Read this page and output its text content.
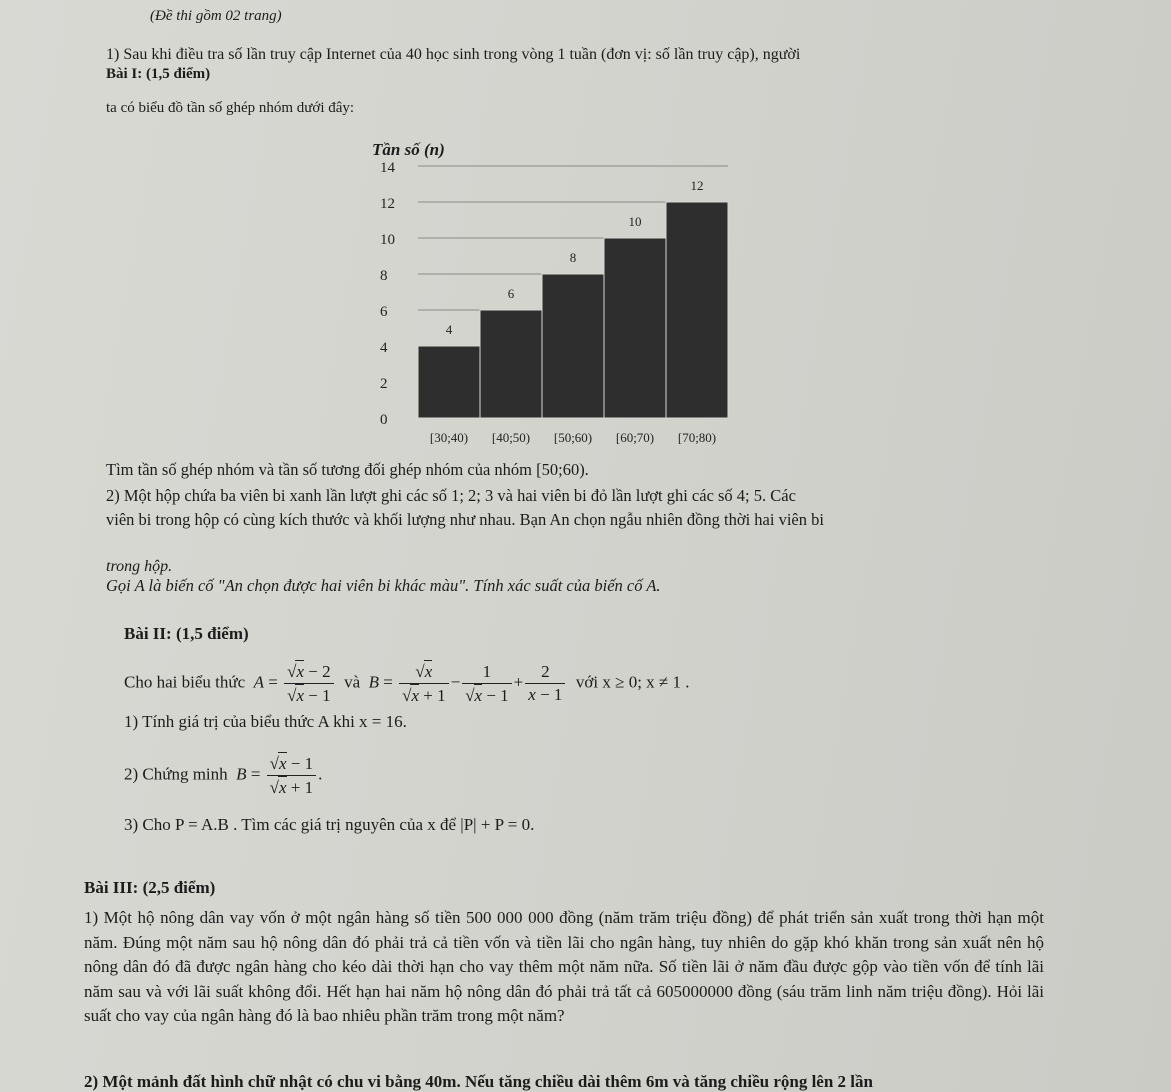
(Đề thi gồm 02 trang)
1) Sau khi điều tra số lần truy cập Internet của 40 học sinh trong vòng 1 tuần (đơn vị: số lần truy cập), người
Bài I: (1,5 điểm)
ta có biểu đồ tần số ghép nhóm dưới đây:
Tần số (n)
0
2
4
6
8
10
12
14
4
[30;40)
6
[40;50)
8
[50;60)
10
[60;70)
12
[70;80)
Tìm tần số ghép nhóm và tần số tương đối ghép nhóm của nhóm [50;60).
2) Một hộp chứa ba viên bi xanh lần lượt ghi các số 1; 2; 3 và hai viên bi đỏ lần lượt ghi các số 4; 5. Các
viên bi trong hộp có cùng kích thước và khối lượng như nhau. Bạn An chọn ngẫu nhiên đồng thời hai viên bi
trong hộp.
Gọi A là biến cố "An chọn được hai viên bi khác màu". Tính xác suất của biến cố A.
Bài II: (1,5 điểm)
Cho hai biểu thức $A = \frac{√x - 2}{√x - 1}$ và $B = \frac{√x}{√x + 1} - \frac{1}{√x - 1} + \frac{2}{x - 1}$ với x ≥ 0; x ≠ 1 .
1) Tính giá trị của biểu thức A khi x = 16.
2) Chứng minh $B = \frac{√x - 1}{√x + 1}$ .
3) Cho P = A.B . Tìm các giá trị nguyên của x để |P| + P = 0.
Bài III: (2,5 điểm)

1) Một hộ nông dân vay vốn ở một ngân hàng số tiền 500 000 000 đồng (năm trăm triệu đồng) để phát triển sản xuất trong thời hạn một năm. Đúng một năm sau hộ nông dân đó phải trả cả tiền vốn và tiền lãi cho ngân hàng, tuy nhiên do gặp khó khăn trong sản xuất nên hộ nông dân đó đã được ngân hàng cho kéo dài thời hạn cho vay thêm một năm nữa. Số tiền lãi ở năm đầu được gộp vào tiền vốn để tính lãi năm sau và với lãi suất không đổi. Hết hạn hai năm hộ nông dân đó phải trả tất cả 605000000 đồng (sáu trăm linh năm triệu đồng). Hỏi lãi suất cho vay của ngân hàng đó là bao nhiêu phần trăm trong một năm?

2) Một mảnh đất hình chữ nhật có chu vi bằng 40m. Nếu tăng chiều dài thêm 6m và tăng chiều rộng lên 2 lần
